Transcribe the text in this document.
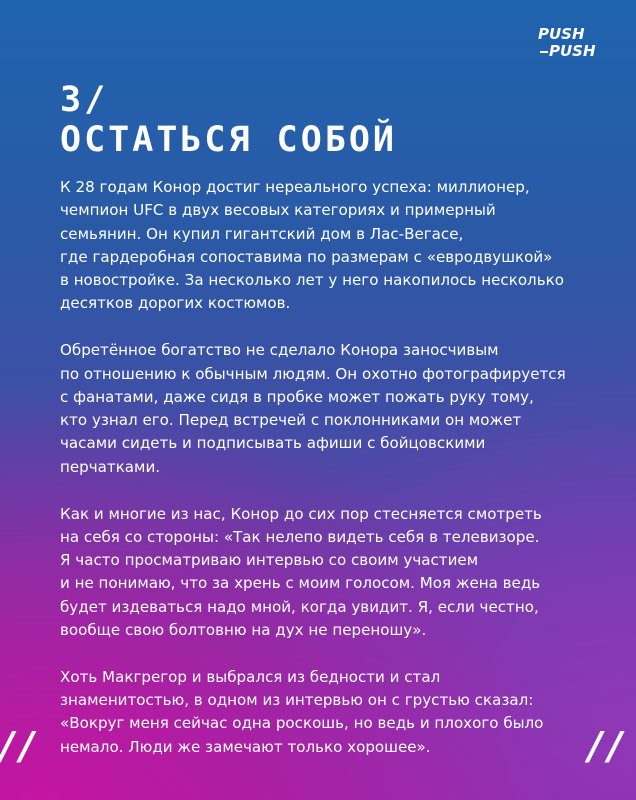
PUSH
PUSH
3/
ОСТАТЬСЯ СОБОЙ
К 28 годам Конор достиг нереального успеха: миллионер,
чемпион UFC в двух весовых категориях и примерный
семьянин. Он купил гигантский дом в Лас-Вегасе,
где гардеробная сопоставима по размерам с «евродвушкой»
в новостройке. За несколько лет у него накопилось несколько
десятков дорогих костюмов.
Обретённое богатство не сделало Конора заносчивым
по отношению к обычным людям. Он охотно фотографируется
с фанатами, даже сидя в пробке может пожать руку тому,
кто узнал его. Перед встречей с поклонниками он может
часами сидеть и подписывать афиши с бойцовскими
перчатками.
Как и многие из нас, Конор до сих пор стесняется смотреть
на себя со стороны: «Так нелепо видеть себя в телевизоре.
Я часто просматриваю интервью со своим участием
и не понимаю, что за хрень с моим голосом. Моя жена ведь
будет издеваться надо мной, когда увидит. Я, если честно,
вообще свою болтовню на дух не переношу».
Хоть Макгрегор и выбрался из бедности и стал
знаменитостью, в одном из интервью он с грустью сказал:
«Вокруг меня сейчас одна роскошь, но ведь и плохого было
немало. Люди же замечают только хорошее».
//	//
